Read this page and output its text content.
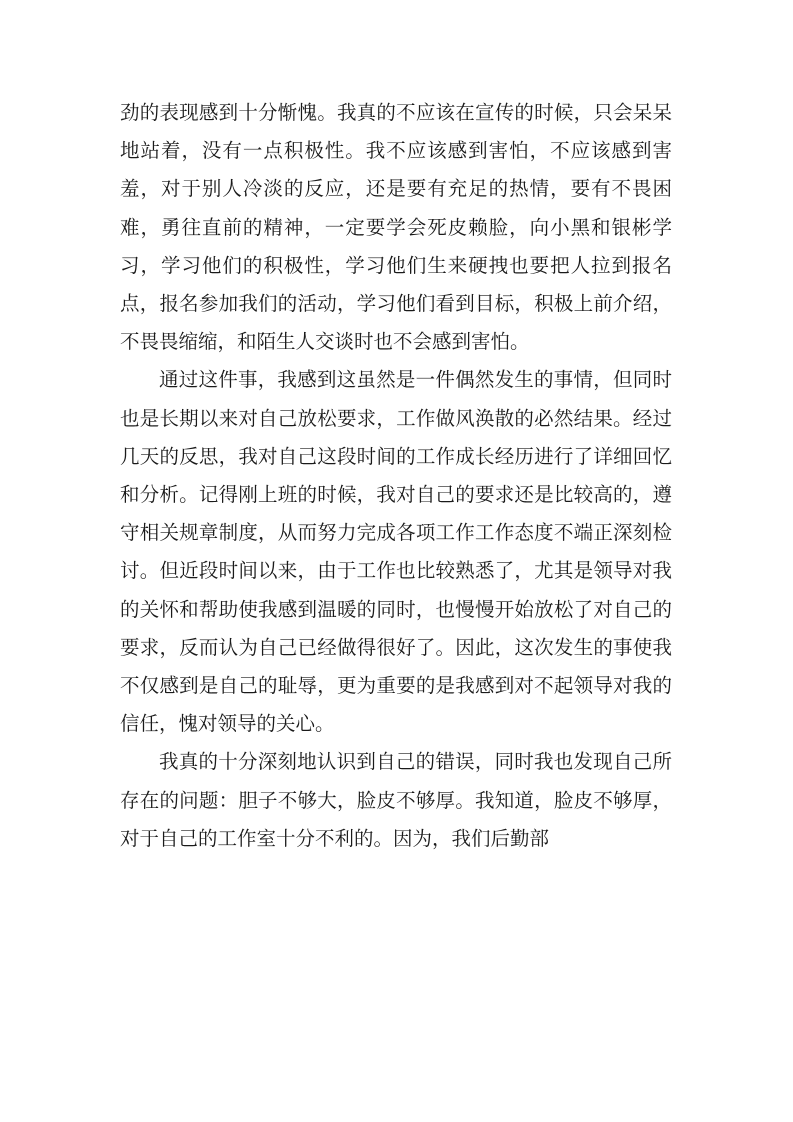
劲的表现感到十分惭愧。我真的不应该在宣传的时候，只会呆呆地站着，没有一点积极性。我不应该感到害怕，不应该感到害羞，对于别人冷淡的反应，还是要有充足的热情，要有不畏困难，勇往直前的精神，一定要学会死皮赖脸，向小黑和银彬学习，学习他们的积极性，学习他们生来硬拽也要把人拉到报名点，报名参加我们的活动，学习他们看到目标，积极上前介绍，不畏畏缩缩，和陌生人交谈时也不会感到害怕。

通过这件事，我感到这虽然是一件偶然发生的事情，但同时也是长期以来对自己放松要求，工作做风涣散的必然结果。经过几天的反思，我对自己这段时间的工作成长经历进行了详细回忆和分析。记得刚上班的时候，我对自己的要求还是比较高的，遵守相关规章制度，从而努力完成各项工作工作态度不端正深刻检讨。但近段时间以来，由于工作也比较熟悉了，尤其是领导对我的关怀和帮助使我感到温暖的同时，也慢慢开始放松了对自己的要求，反而认为自己已经做得很好了。因此，这次发生的事使我不仅感到是自己的耻辱，更为重要的是我感到对不起领导对我的信任，愧对领导的关心。

我真的十分深刻地认识到自己的错误，同时我也发现自己所存在的问题：胆子不够大，脸皮不够厚。我知道，脸皮不够厚，对于自己的工作室十分不利的。因为，我们后勤部
